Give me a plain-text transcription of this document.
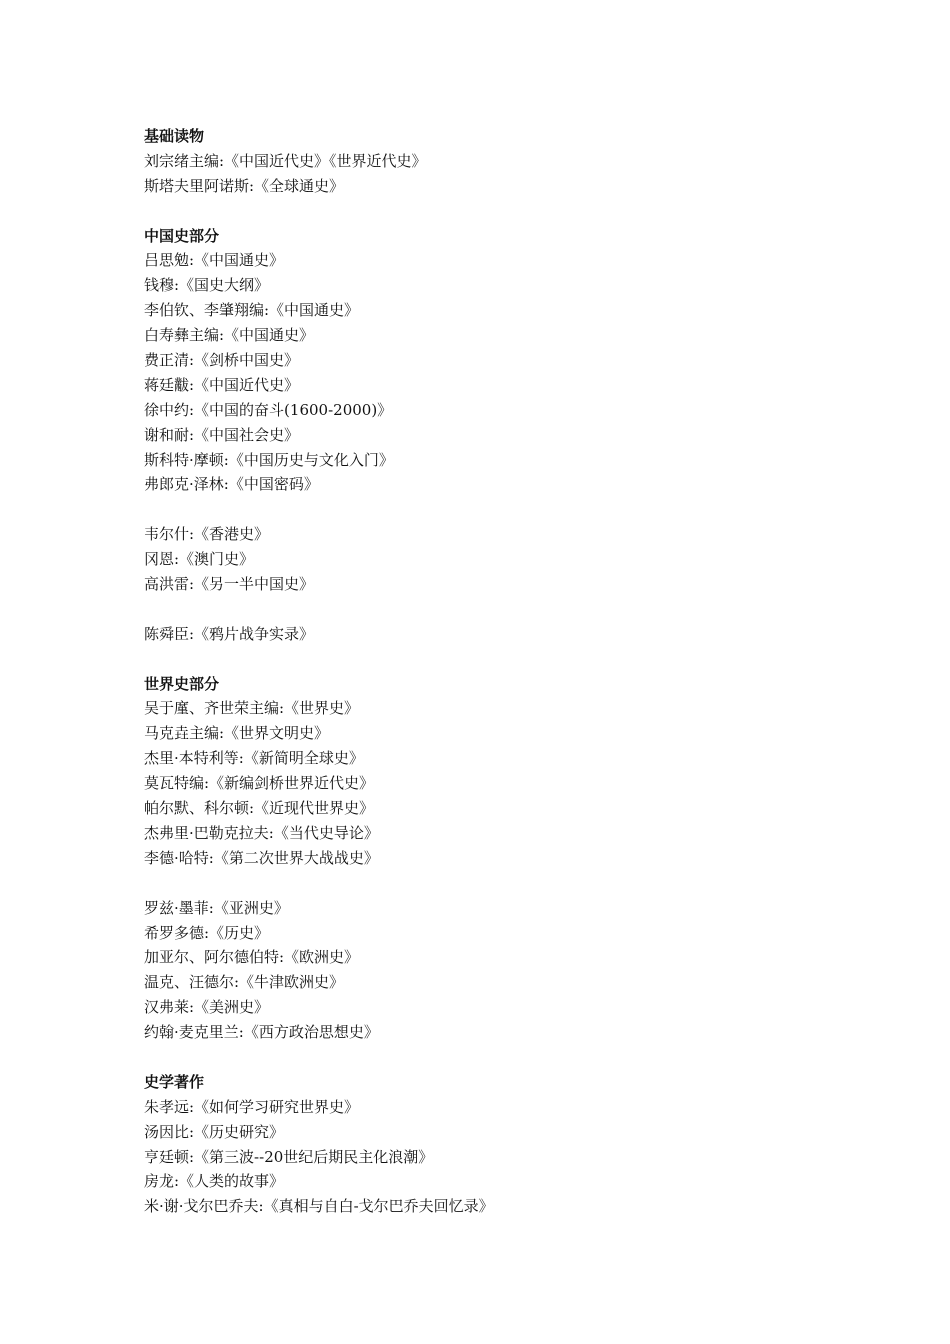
基础读物
刘宗绪主编:《中国近代史》《世界近代史》
斯塔夫里阿诺斯:《全球通史》
中国史部分
吕思勉:《中国通史》
钱穆:《国史大纲》
李伯钦、李肇翔编:《中国通史》
白寿彝主编:《中国通史》
费正清:《剑桥中国史》
蒋廷黻:《中国近代史》
徐中约:《中国的奋斗(1600-2000)》
谢和耐:《中国社会史》
斯科特·摩顿:《中国历史与文化入门》
弗郎克·泽林:《中国密码》
韦尔什:《香港史》
冈恩:《澳门史》
高洪雷:《另一半中国史》
陈舜臣:《鸦片战争实录》
世界史部分
吴于廑、齐世荣主编:《世界史》
马克垚主编:《世界文明史》
杰里·本特利等:《新简明全球史》
莫瓦特编:《新编剑桥世界近代史》
帕尔默、科尔顿:《近现代世界史》
杰弗里·巴勒克拉夫:《当代史导论》
李德·哈特:《第二次世界大战战史》
罗兹·墨菲:《亚洲史》
希罗多德:《历史》
加亚尔、阿尔德伯特:《欧洲史》
温克、汪德尔:《牛津欧洲史》
汉弗莱:《美洲史》
约翰·麦克里兰:《西方政治思想史》
史学著作
朱孝远:《如何学习研究世界史》
汤因比:《历史研究》
亨廷顿:《第三波--20世纪后期民主化浪潮》
房龙:《人类的故事》
米·谢·戈尔巴乔夫:《真相与自白-戈尔巴乔夫回忆录》
